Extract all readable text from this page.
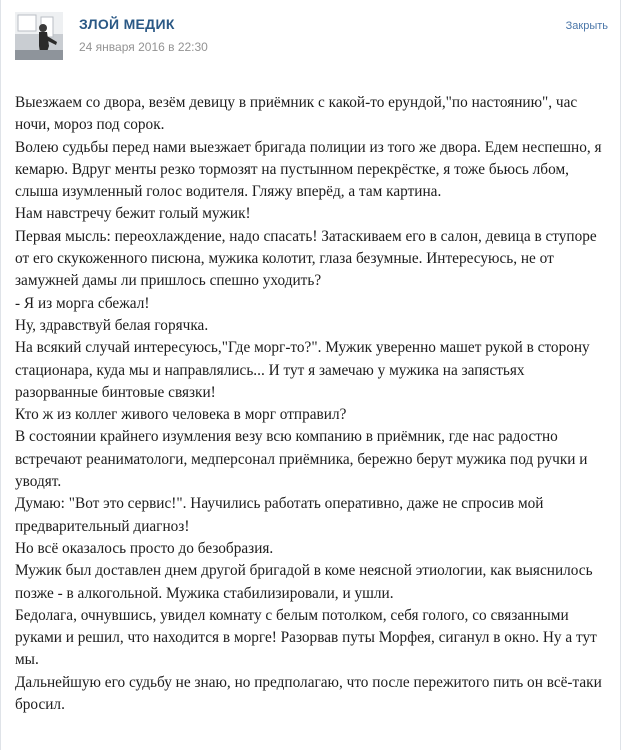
ЗЛОЙ МЕДИК
24 января 2016 в 22:30
Закрыть

Выезжаем со двора, везём девицу в приёмник с какой-то ерундой,"по настоянию", час ночи, мороз под сорок.

Волею судьбы перед нами выезжает бригада полиции из того же двора. Едем неспешно, я кемарю. Вдруг менты резко тормозят на пустынном перекрёстке, я тоже бьюсь лбом, слыша изумленный голос водителя. Гляжу вперёд, а там картина.

Нам навстречу бежит голый мужик!

Первая мысль: переохлаждение, надо спасать! Затаскиваем его в салон, девица в ступоре от его скукоженного писюна, мужика колотит, глаза безумные. Интересуюсь, не от замужней дамы ли пришлось спешно уходить?

- Я из морга сбежал!

Ну, здравствуй белая горячка.

На всякий случай интересуюсь,"Где морг-то?". Мужик уверенно машет рукой в сторону стационара, куда мы и направлялись... И тут я замечаю у мужика на запястьях разорванные бинтовые связки!

Кто ж из коллег живого человека в морг отправил?

В состоянии крайнего изумления везу всю компанию в приёмник, где нас радостно встречают реаниматологи, медперсонал приёмника, бережно берут мужика под ручки и уводят.

Думаю: "Вот это сервис!". Научились работать оперативно, даже не спросив мой предварительный диагноз!

Но всё оказалось просто до безобразия.

Мужик был доставлен днем другой бригадой в коме неясной этиологии, как выяснилось позже - в алкогольной. Мужика стабилизировали, и ушли.

Бедолага, очнувшись, увидел комнату с белым потолком, себя голого, со связанными руками и решил, что находится в морге! Разорвав путы Морфея, сиганул в окно. Ну а тут мы.

Дальнейшую его судьбу не знаю, но предполагаю, что после пережитого пить он всё-таки бросил.
